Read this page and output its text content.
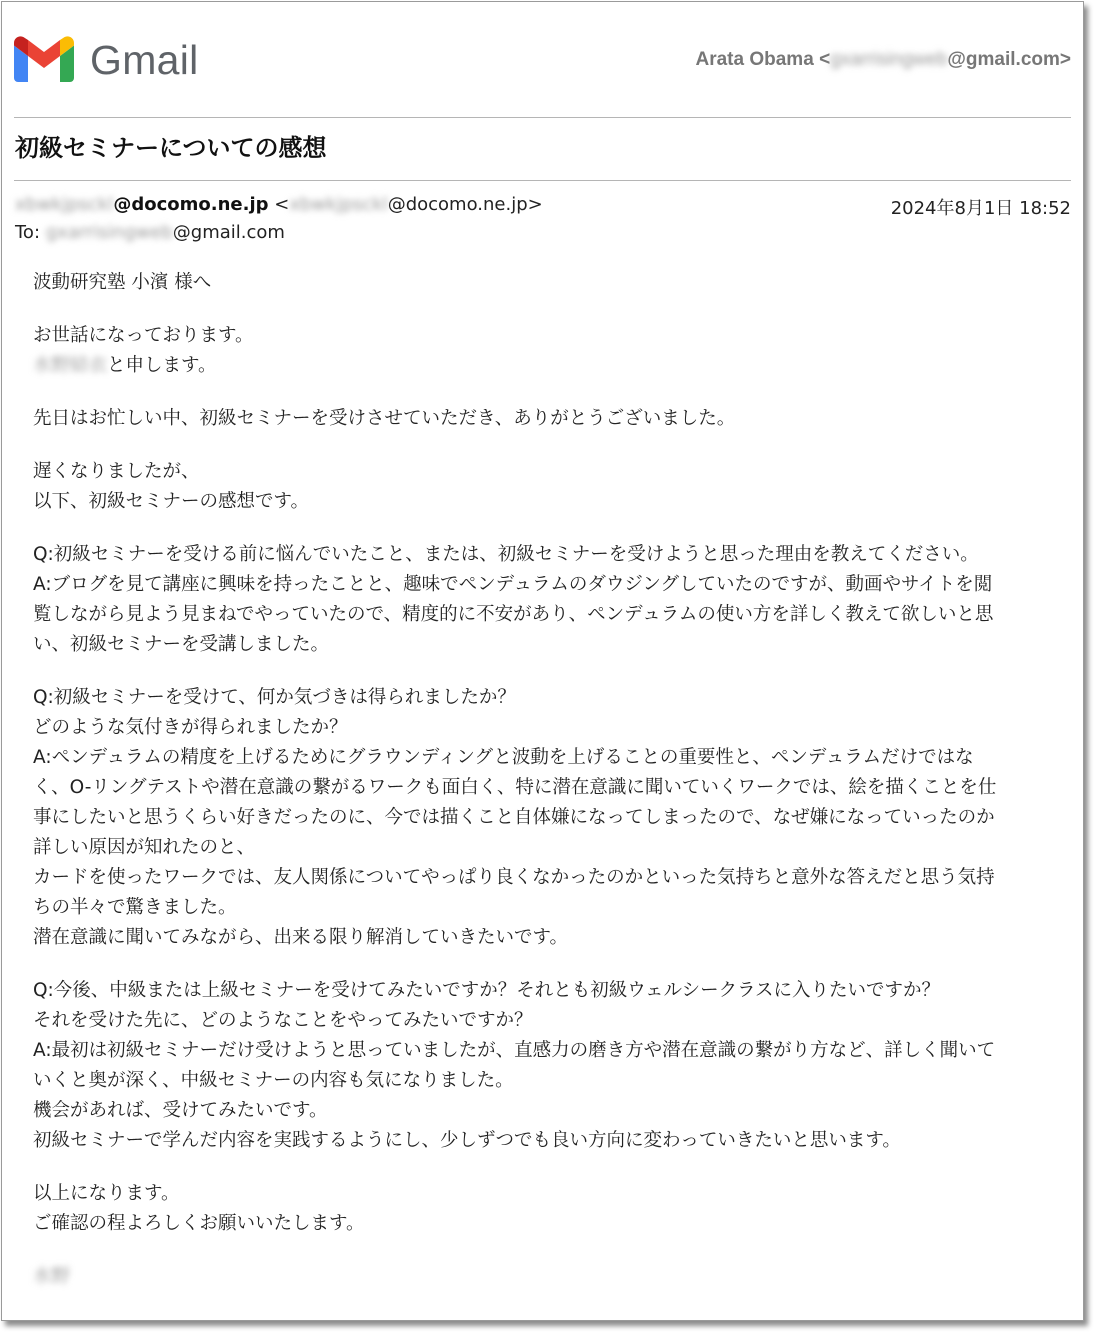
Gmail	Arata Obama <gxarrisingweb@gmail.com>
初級セミナーについての感想
xbwkjpsckl@docomo.ne.jp <xbwkjpsckl@docomo.ne.jp>	2024年8月1日 18:52
To: gxarrisingweb@gmail.com
波動研究塾 小濱 様へ
お世話になっております。
水野結衣と申します。
先日はお忙しい中、初級セミナーを受けさせていただき、ありがとうございました。
遅くなりましたが、
以下、初級セミナーの感想です。
Q:初級セミナーを受ける前に悩んでいたこと、または、初級セミナーを受けようと思った理由を教えてください。
A:ブログを見て講座に興味を持ったことと、趣味でペンデュラムのダウジングしていたのですが、動画やサイトを閲
覧しながら見よう見まねでやっていたので、精度的に不安があり、ペンデュラムの使い方を詳しく教えて欲しいと思
い、初級セミナーを受講しました。
Q:初級セミナーを受けて、何か気づきは得られましたか？
どのような気付きが得られましたか？
A:ペンデュラムの精度を上げるためにグラウンディングと波動を上げることの重要性と、ペンデュラムだけではな
く、O-リングテストや潜在意識の繋がるワークも面白く、特に潜在意識に聞いていくワークでは、絵を描くことを仕
事にしたいと思うくらい好きだったのに、今では描くこと自体嫌になってしまったので、なぜ嫌になっていったのか
詳しい原因が知れたのと、
カードを使ったワークでは、友人関係についてやっぱり良くなかったのかといった気持ちと意外な答えだと思う気持
ちの半々で驚きました。
潜在意識に聞いてみながら、出来る限り解消していきたいです。
Q:今後、中級または上級セミナーを受けてみたいですか？それとも初級ウェルシークラスに入りたいですか？
それを受けた先に、どのようなことをやってみたいですか？
A:最初は初級セミナーだけ受けようと思っていましたが、直感力の磨き方や潜在意識の繋がり方など、詳しく聞いて
いくと奥が深く、中級セミナーの内容も気になりました。
機会があれば、受けてみたいです。
初級セミナーで学んだ内容を実践するようにし、少しずつでも良い方向に変わっていきたいと思います。
以上になります。
ご確認の程よろしくお願いいたします。
水野
